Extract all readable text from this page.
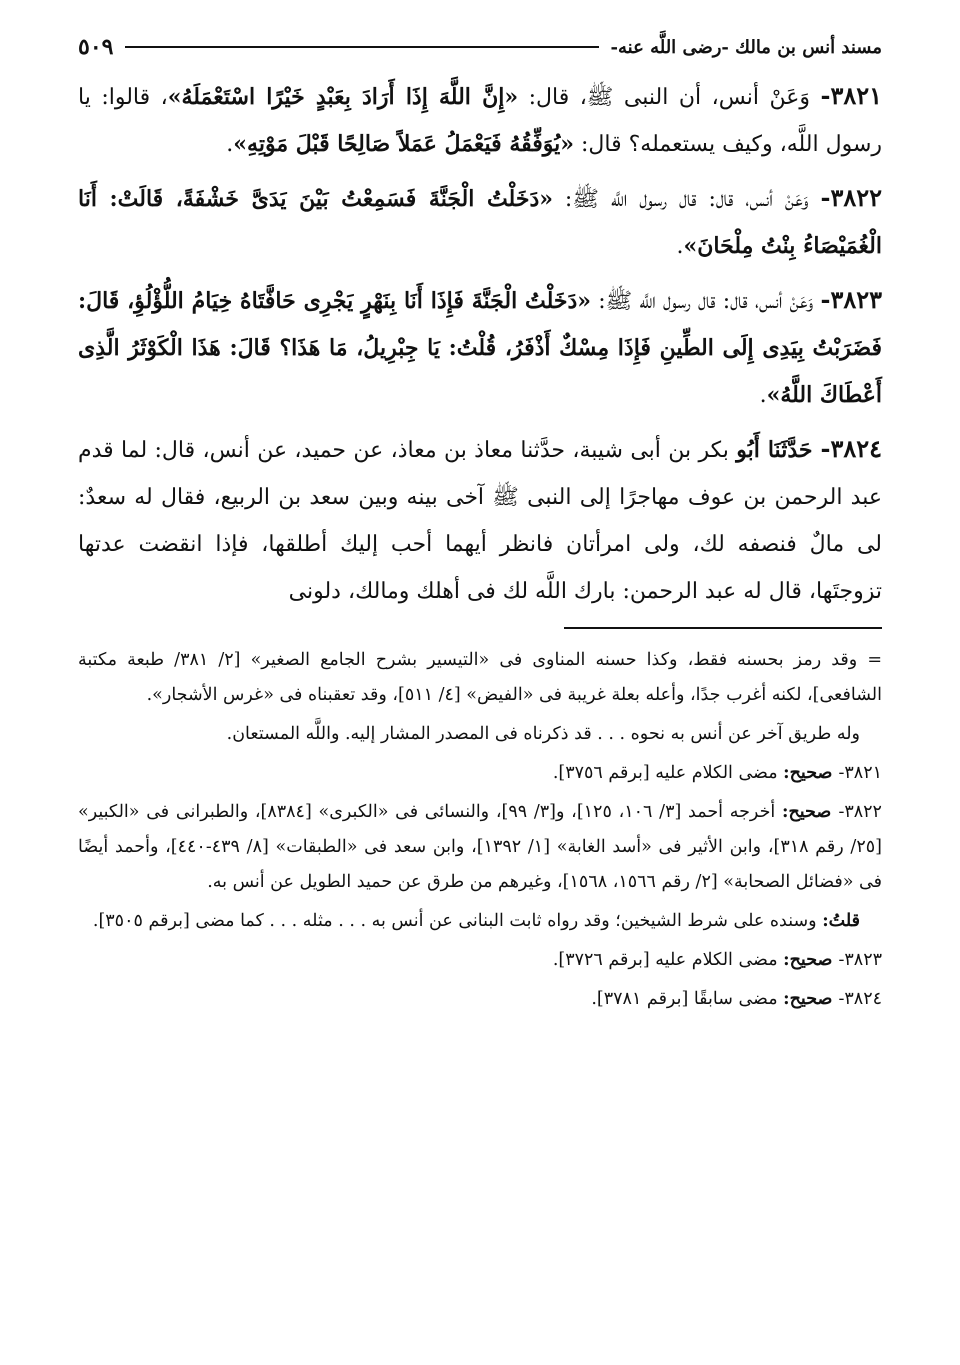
مسند أنس بن مالك -رضى اللَّه عنه-
٥٠٩

٣٨٢١- وَعَنْ أنس، أن النبى ﷺ، قال: «إِنَّ اللَّهَ إِذَا أَرَادَ بِعَبْدٍ خَيْرًا اسْتَعْمَلَهُ»، قالوا: يا رسول اللَّه، وكيف يستعمله؟ قال: «يُوَفِّقُهُ فَيَعْمَلُ عَمَلاً صَالِحًا قَبْلَ مَوْتِهِ».

٣٨٢٢- وَعَنْ أنس، قال: قال رسول اللَّه ﷺ: «دَخَلْتُ الْجَنَّةَ فَسَمِعْتُ بَيْنَ يَدَىَّ خَشْفَةً، قَالَتْ: أَنَا الْغُمَيْصَاءُ بِنْتُ مِلْحَانَ».

٣٨٢٣- وَعَنْ أنس، قال: قال رسول اللَّه ﷺ: «دَخَلْتُ الْجَنَّةَ فَإِذَا أَنَا بِنَهْرٍ يَجْرِى حَافَّتَاهُ خِيَامُ اللُّؤْلُؤِ، قَالَ: فَضَرَبْتُ بِيَدِى إِلَى الطِّينِ فَإِذَا مِسْكٌ أَذْفَرُ، قُلْتُ: يَا جِبْرِيلُ، مَا هَذَا؟ قَالَ: هَذَا الْكَوْثَرُ الَّذِى أَعْطَاكَ اللَّهُ».

٣٨٢٤- حَدَّثَنَا أَبُو بكر بن أبى شيبة، حدَّثنا معاذ بن معاذ، عن حميد، عن أنس، قال: لما قدم عبد الرحمن بن عوف مهاجرًا إلى النبى ﷺ آخى بينه وبين سعد بن الربيع، فقال له سعدٌ: لى مالٌ فنصفه لك، ولى امرأتان فانظر أيهما أحب إليك أطلقها، فإذا انقضت عدتها تزوجتَها، قال له عبد الرحمن: بارك اللَّه لك فى أهلك ومالك، دلونى

= وقد رمز بحسنه فقط، وكذا حسنه المناوى فى «التيسير بشرح الجامع الصغير» [٢/ ٣٨١/ طبعة مكتبة الشافعى]، لكنه أغرب جدًا، وأعله بعلة غريبة فى «الفيض» [٤/ ٥١١]، وقد تعقبناه فى «غرس الأشجار».

وله طريق آخر عن أنس به نحوه . . . قد ذكرناه فى المصدر المشار إليه. واللَّه المستعان.

٣٨٢١- صحيح: مضى الكلام عليه [برقم ٣٧٥٦].

٣٨٢٢- صحيح: أخرجه أحمد [٣/ ١٠٦، ١٢٥]، و[٣/ ٩٩]، والنسائى فى «الكبرى» [٨٣٨٤]، والطبرانى فى «الكبير» [٢٥/ رقم ٣١٨]، وابن الأثير فى «أسد الغابة» [١/ ١٣٩٢]، وابن سعد فى «الطبقات» [٨/ ٤٣٩-٤٤٠]، وأحمد أيضًا فى «فضائل الصحابة» [٢/ رقم ١٥٦٦، ١٥٦٨]، وغيرهم من طرق عن حميد الطويل عن أنس به.

قلتُ: وسنده على شرط الشيخين؛ وقد رواه ثابت البنانى عن أنس به . . . مثله . . . كما مضى [برقم ٣٥٠٥].

٣٨٢٣- صحيح: مضى الكلام عليه [برقم ٣٧٢٦].

٣٨٢٤- صحيح: مضى سابقًا [برقم ٣٧٨١].
